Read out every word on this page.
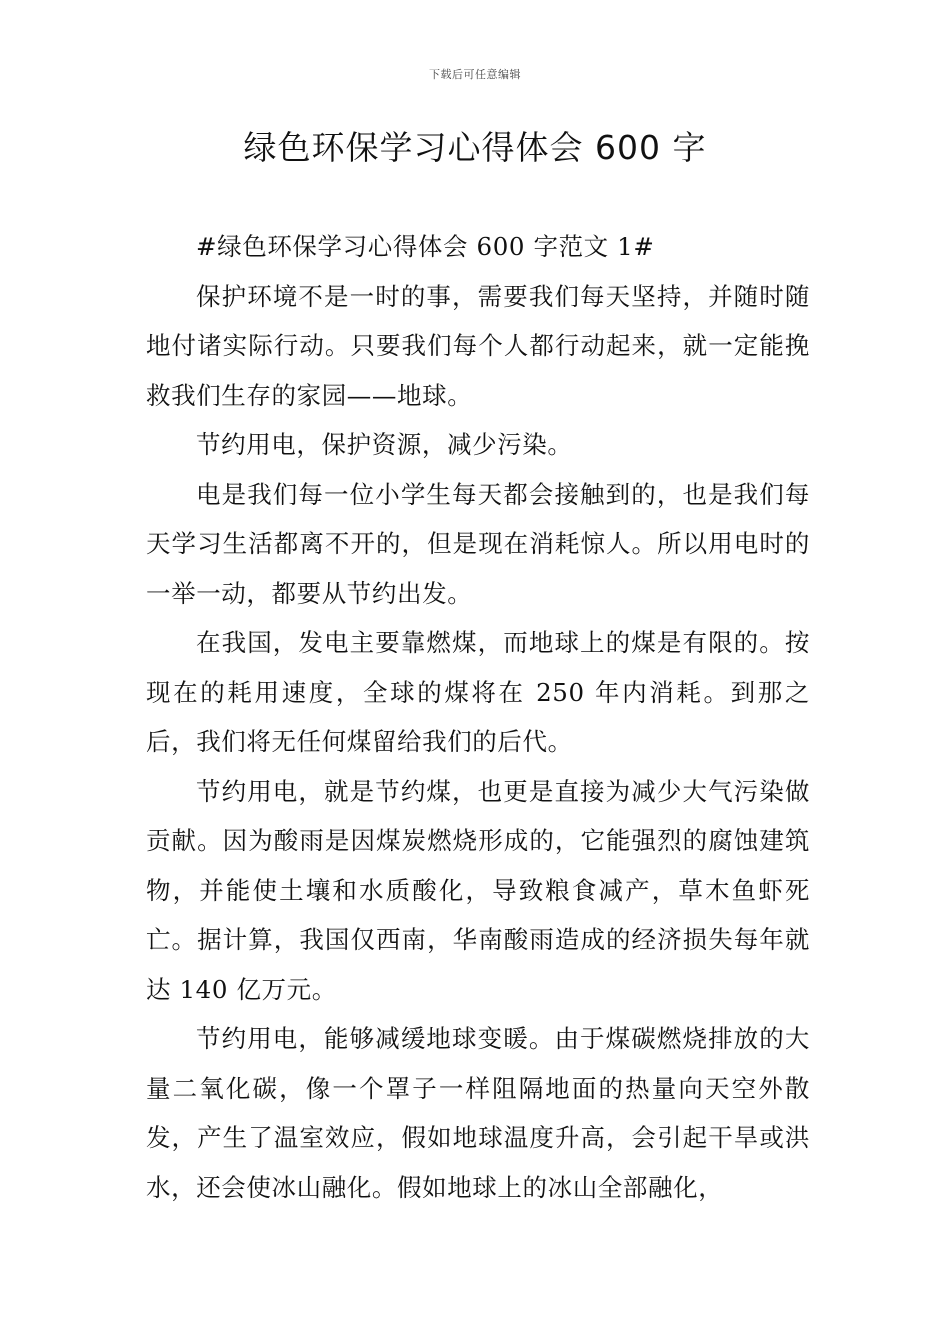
下载后可任意编辑
绿色环保学习心得体会 600 字

#绿色环保学习心得体会 600 字范文 1#

保护环境不是一时的事，需要我们每天坚持，并随时随地付诸实际行动。只要我们每个人都行动起来，就一定能挽救我们生存的家园——地球。

节约用电，保护资源，减少污染。

电是我们每一位小学生每天都会接触到的，也是我们每天学习生活都离不开的，但是现在消耗惊人。所以用电时的一举一动，都要从节约出发。

在我国，发电主要靠燃煤，而地球上的煤是有限的。按现在的耗用速度，全球的煤将在 250 年内消耗。到那之后，我们将无任何煤留给我们的后代。

节约用电，就是节约煤，也更是直接为减少大气污染做贡献。因为酸雨是因煤炭燃烧形成的，它能强烈的腐蚀建筑物，并能使土壤和水质酸化，导致粮食减产，草木鱼虾死亡。据计算，我国仅西南，华南酸雨造成的经济损失每年就达 140 亿万元。

节约用电，能够减缓地球变暖。由于煤碳燃烧排放的大量二氧化碳，像一个罩子一样阻隔地面的热量向天空外散发，产生了温室效应，假如地球温度升高，会引起干旱或洪水，还会使冰山融化。假如地球上的冰山全部融化，
